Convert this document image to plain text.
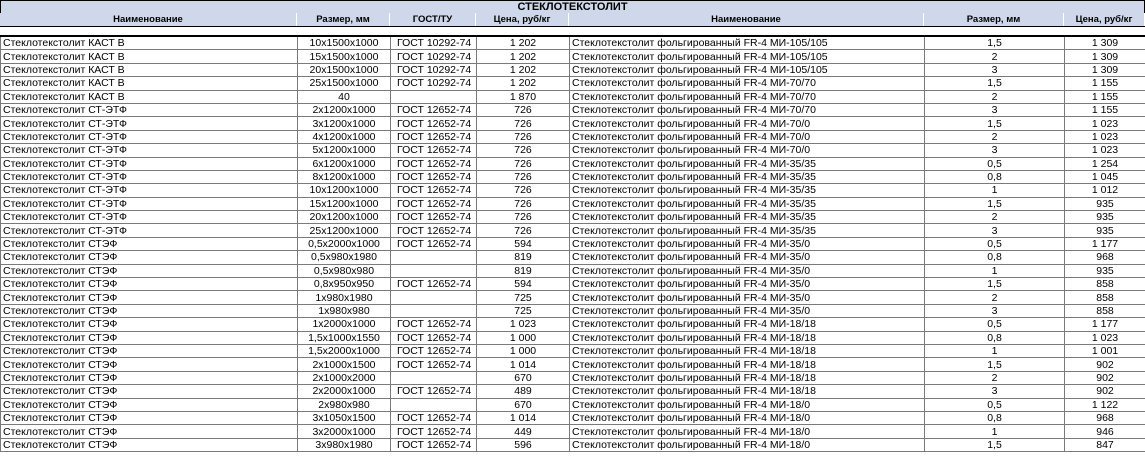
СТЕКЛОТЕКСТОЛИТ
Наименование	Размер, мм	ГОСТ/ТУ	Цена, руб/кг	Наименование	Размер, мм	Цена, руб/кг
Стеклотекстолит КАСТ В	10х1500х1000	ГОСТ 10292-74	1 202	Стеклотекстолит фольгированный FR-4 МИ-105/105	1,5	1 309
Стеклотекстолит КАСТ В	15х1500х1000	ГОСТ 10292-74	1 202	Стеклотекстолит фольгированный FR-4 МИ-105/105	2	1 309
Стеклотекстолит КАСТ В	20х1500х1000	ГОСТ 10292-74	1 202	Стеклотекстолит фольгированный FR-4 МИ-105/105	3	1 309
Стеклотекстолит КАСТ В	25х1500х1000	ГОСТ 10292-74	1 202	Стеклотекстолит фольгированный FR-4 МИ-70/70	1,5	1 155
Стеклотекстолит КАСТ В	40		1 870	Стеклотекстолит фольгированный FR-4 МИ-70/70	2	1 155
Стеклотекстолит СТ-ЭТФ	2х1200х1000	ГОСТ 12652-74	726	Стеклотекстолит фольгированный FR-4 МИ-70/70	3	1 155
Стеклотекстолит СТ-ЭТФ	3х1200х1000	ГОСТ 12652-74	726	Стеклотекстолит фольгированный FR-4 МИ-70/0	1,5	1 023
Стеклотекстолит СТ-ЭТФ	4х1200х1000	ГОСТ 12652-74	726	Стеклотекстолит фольгированный FR-4 МИ-70/0	2	1 023
Стеклотекстолит СТ-ЭТФ	5х1200х1000	ГОСТ 12652-74	726	Стеклотекстолит фольгированный FR-4 МИ-70/0	3	1 023
Стеклотекстолит СТ-ЭТФ	6х1200х1000	ГОСТ 12652-74	726	Стеклотекстолит фольгированный FR-4 МИ-35/35	0,5	1 254
Стеклотекстолит СТ-ЭТФ	8х1200х1000	ГОСТ 12652-74	726	Стеклотекстолит фольгированный FR-4 МИ-35/35	0,8	1 045
Стеклотекстолит СТ-ЭТФ	10х1200х1000	ГОСТ 12652-74	726	Стеклотекстолит фольгированный FR-4 МИ-35/35	1	1 012
Стеклотекстолит СТ-ЭТФ	15х1200х1000	ГОСТ 12652-74	726	Стеклотекстолит фольгированный FR-4 МИ-35/35	1,5	935
Стеклотекстолит СТ-ЭТФ	20х1200х1000	ГОСТ 12652-74	726	Стеклотекстолит фольгированный FR-4 МИ-35/35	2	935
Стеклотекстолит СТ-ЭТФ	25х1200х1000	ГОСТ 12652-74	726	Стеклотекстолит фольгированный FR-4 МИ-35/35	3	935
Стеклотекстолит СТЭФ	0,5х2000х1000	ГОСТ 12652-74	594	Стеклотекстолит фольгированный FR-4 МИ-35/0	0,5	1 177
Стеклотекстолит СТЭФ	0,5х980х1980		819	Стеклотекстолит фольгированный FR-4 МИ-35/0	0,8	968
Стеклотекстолит СТЭФ	0,5х980х980		819	Стеклотекстолит фольгированный FR-4 МИ-35/0	1	935
Стеклотекстолит СТЭФ	0,8х950х950	ГОСТ 12652-74	594	Стеклотекстолит фольгированный FR-4 МИ-35/0	1,5	858
Стеклотекстолит СТЭФ	1х980х1980		725	Стеклотекстолит фольгированный FR-4 МИ-35/0	2	858
Стеклотекстолит СТЭФ	1х980х980		725	Стеклотекстолит фольгированный FR-4 МИ-35/0	3	858
Стеклотекстолит СТЭФ	1х2000х1000	ГОСТ 12652-74	1 023	Стеклотекстолит фольгированный FR-4 МИ-18/18	0,5	1 177
Стеклотекстолит СТЭФ	1,5х1000х1550	ГОСТ 12652-74	1 000	Стеклотекстолит фольгированный FR-4 МИ-18/18	0,8	1 023
Стеклотекстолит СТЭФ	1,5х2000х1000	ГОСТ 12652-74	1 000	Стеклотекстолит фольгированный FR-4 МИ-18/18	1	1 001
Стеклотекстолит СТЭФ	2х1000х1500	ГОСТ 12652-74	1 014	Стеклотекстолит фольгированный FR-4 МИ-18/18	1,5	902
Стеклотекстолит СТЭФ	2х1000х2000		670	Стеклотекстолит фольгированный FR-4 МИ-18/18	2	902
Стеклотекстолит СТЭФ	2х2000х1000	ГОСТ 12652-74	489	Стеклотекстолит фольгированный FR-4 МИ-18/18	3	902
Стеклотекстолит СТЭФ	2х980х980		670	Стеклотекстолит фольгированный FR-4 МИ-18/0	0,5	1 122
Стеклотекстолит СТЭФ	3х1050х1500	ГОСТ 12652-74	1 014	Стеклотекстолит фольгированный FR-4 МИ-18/0	0,8	968
Стеклотекстолит СТЭФ	3х2000х1000	ГОСТ 12652-74	449	Стеклотекстолит фольгированный FR-4 МИ-18/0	1	946
Стеклотекстолит СТЭФ	3х980х1980	ГОСТ 12652-74	596	Стеклотекстолит фольгированный FR-4 МИ-18/0	1,5	847
